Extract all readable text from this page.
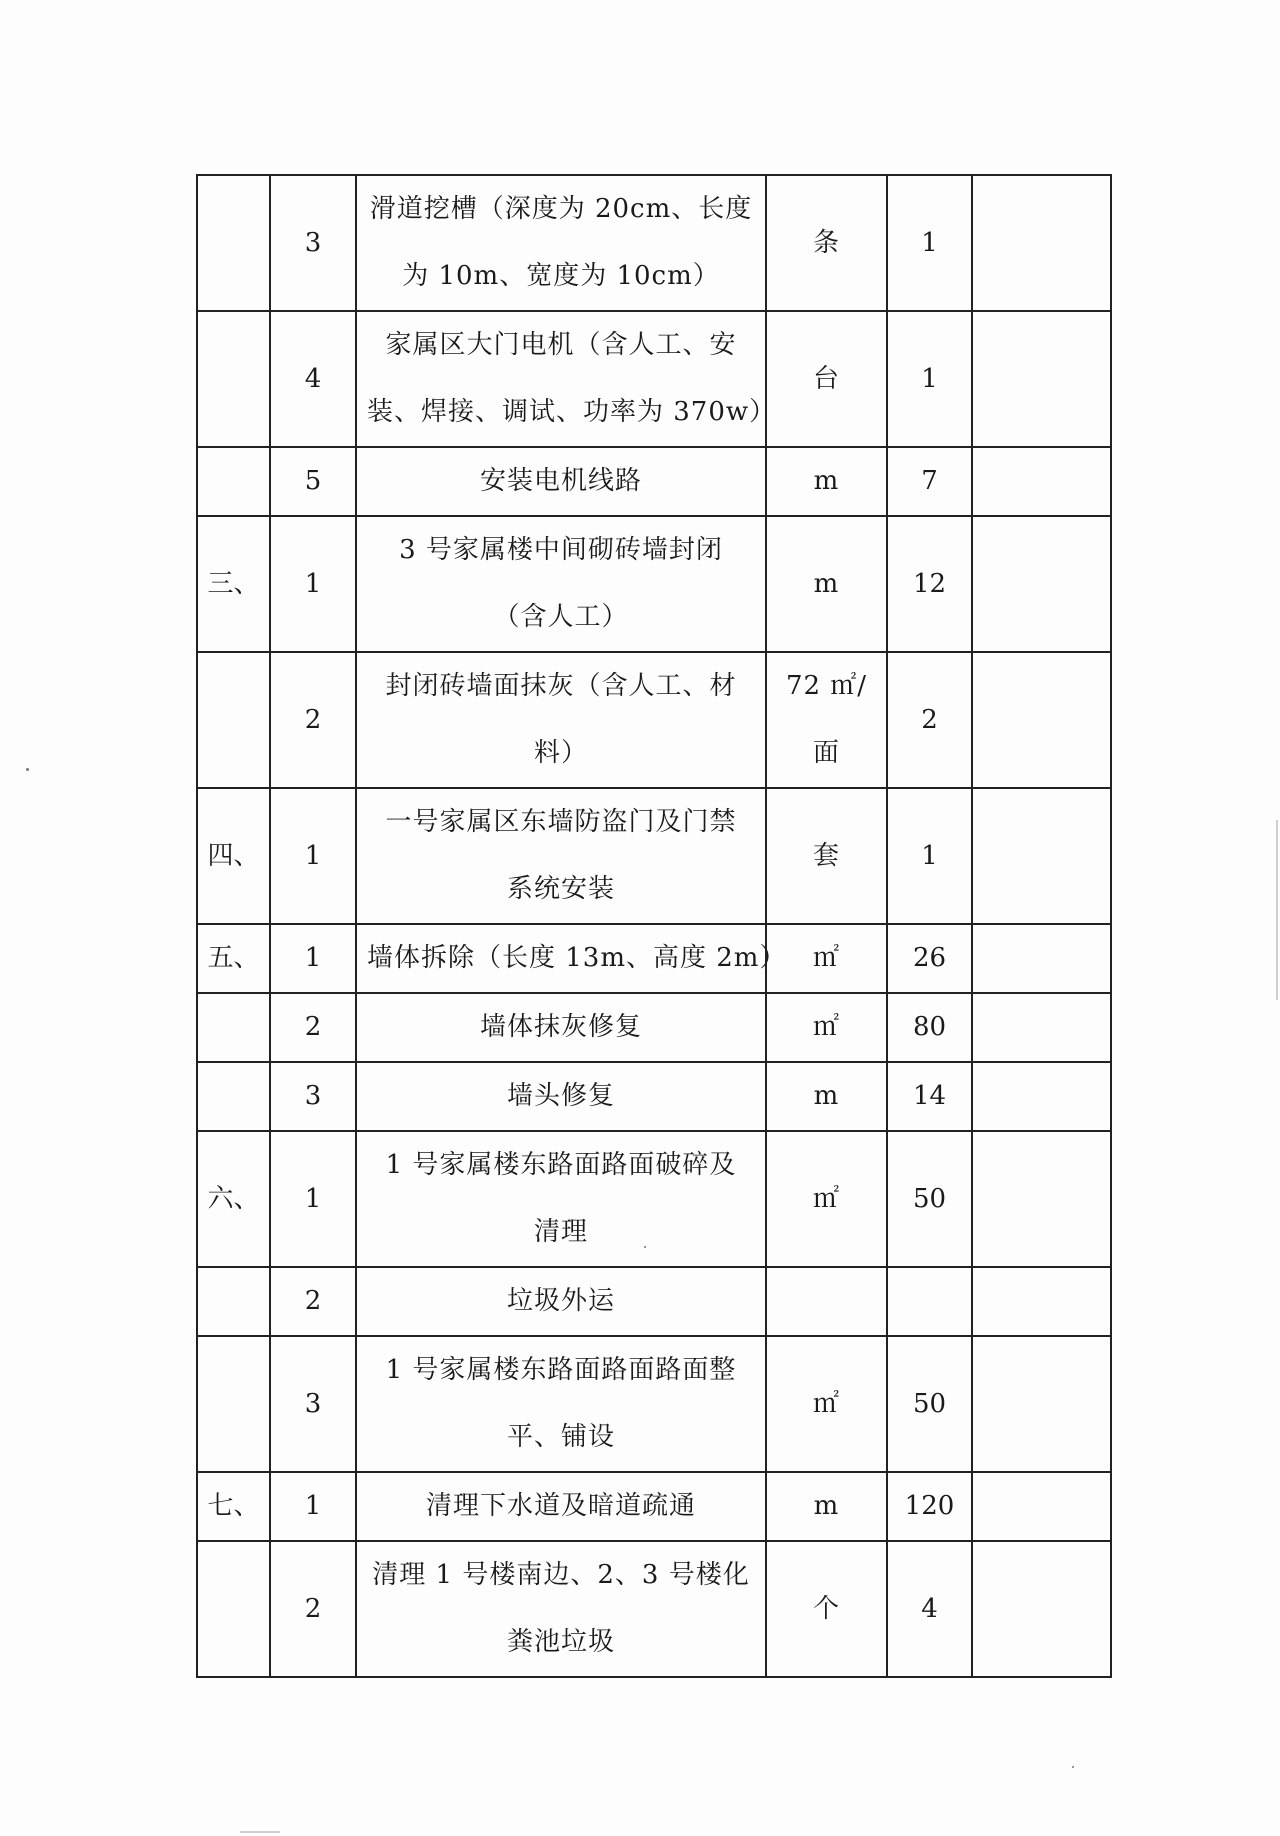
	3	滑道挖槽（深度为 20cm、长度
为 10m、宽度为 10cm）	条	1	
	4	家属区大门电机（含人工、安
装、焊接、调试、功率为 370w）	台	1	
	5	安装电机线路	m	7	
三、	1	3 号家属楼中间砌砖墙封闭
（含人工）	m	12	
	2	封闭砖墙面抹灰（含人工、材
料）	72 ㎡/
面	2	
四、	1	一号家属区东墙防盗门及门禁
系统安装	套	1	
五、	1	墙体拆除（长度 13m、高度 2m）	㎡	26	
	2	墙体抹灰修复	㎡	80	
	3	墙头修复	m	14	
六、	1	1 号家属楼东路面路面破碎及
清理	㎡	50	
	2	垃圾外运			

	3	1 号家属楼东路面路面路面整
平、铺设	㎡	50	
七、	1	清理下水道及暗道疏通	m	120	
	2	清理 1 号楼南边、2、3 号楼化
粪池垃圾	个	4	
